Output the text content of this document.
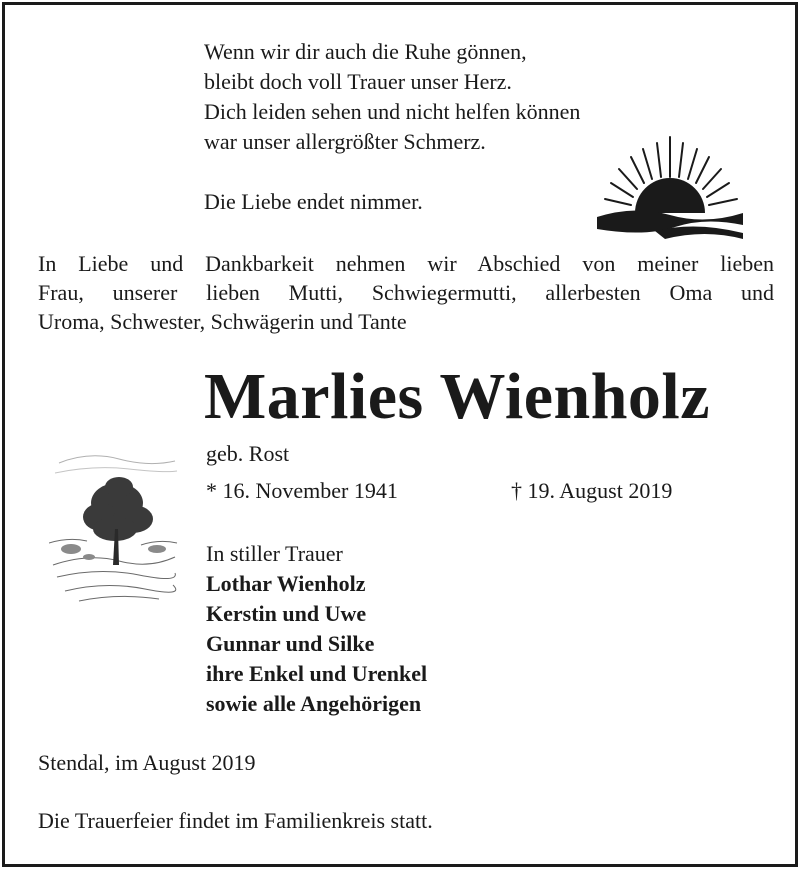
Wenn wir dir auch die Ruhe gönnen,
bleibt doch voll Trauer unser Herz.
Dich leiden sehen und nicht helfen können
war unser allergrößter Schmerz.
Die Liebe endet nimmer.
In Liebe und Dankbarkeit nehmen wir Abschied von meiner lieben
Frau, unserer lieben Mutti, Schwiegermutti, allerbesten Oma und
Uroma, Schwester, Schwägerin und Tante
Marlies Wienholz
geb. Rost
* 16. November 1941	† 19. August 2019
In stiller Trauer
Lothar Wienholz
Kerstin und Uwe
Gunnar und Silke
ihre Enkel und Urenkel
sowie alle Angehörigen
Stendal, im August 2019
Die Trauerfeier findet im Familienkreis statt.
